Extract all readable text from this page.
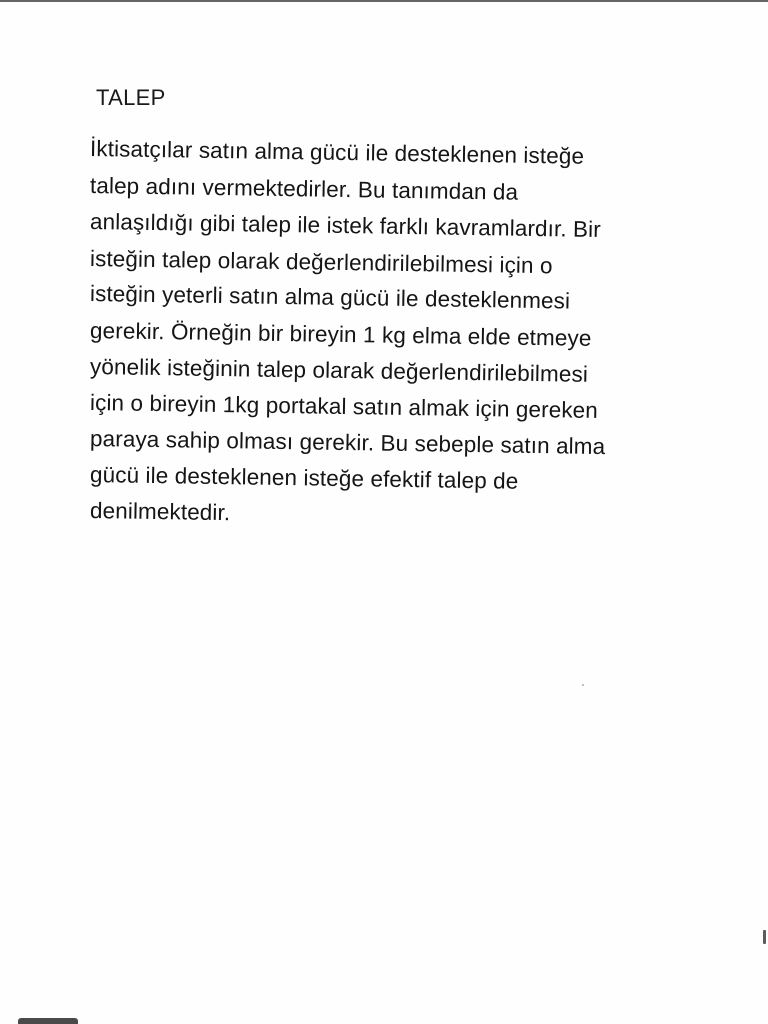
TALEP
İktisatçılar satın alma gücü ile desteklenen isteğe
talep adını vermektedirler. Bu tanımdan da
anlaşıldığı gibi talep ile istek farklı kavramlardır. Bir
isteğin talep olarak değerlendirilebilmesi için o
isteğin yeterli satın alma gücü ile desteklenmesi
gerekir. Örneğin bir bireyin 1 kg elma elde etmeye
yönelik isteğinin talep olarak değerlendirilebilmesi
için o bireyin 1kg portakal satın almak için gereken
paraya sahip olması gerekir. Bu sebeple satın alma
gücü ile desteklenen isteğe efektif talep de
denilmektedir.
